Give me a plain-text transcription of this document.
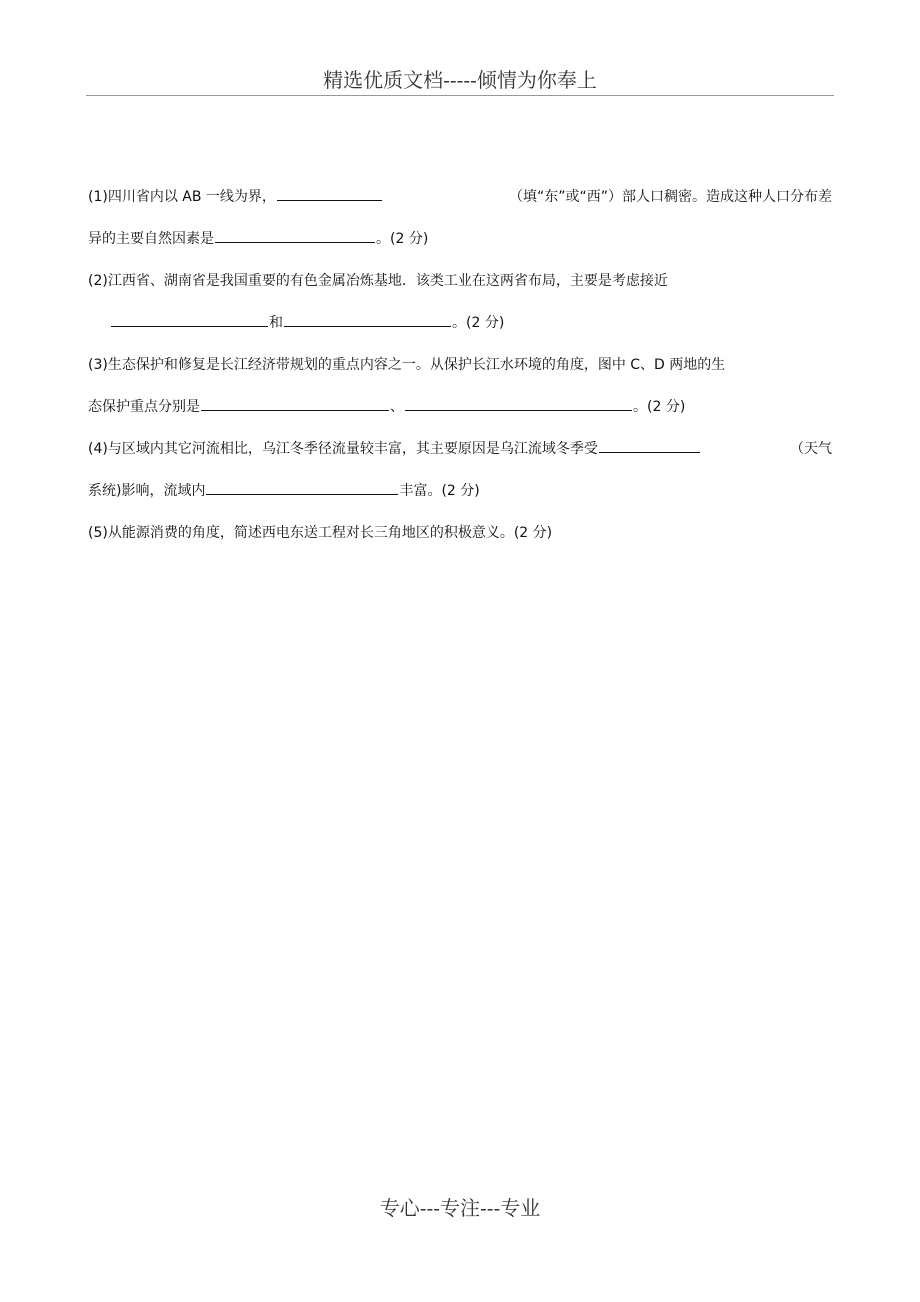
精选优质文档-----倾情为你奉上
(1)四川省内以 AB 一线为界，	（填“东”或“西”）部人口稠密。造成这种人口分布差
异的主要自然因素是	。(2 分)
(2)江西省、湖南省是我国重要的有色金属冶炼基地．该类工业在这两省布局，主要是考虑接近
和	。(2 分)
(3)生态保护和修复是长江经济带规划的重点内容之一。从保护长江水环境的角度，图中 C、D 两地的生
态保护重点分别是	、	。(2 分)
(4)与区域内其它河流相比，乌江冬季径流量较丰富，其主要原因是乌江流域冬季受	（天气
系统)影响，流域内	丰富。(2 分)
(5)从能源消费的角度，简述西电东送工程对长三角地区的积极意义。(2 分)
专心---专注---专业
